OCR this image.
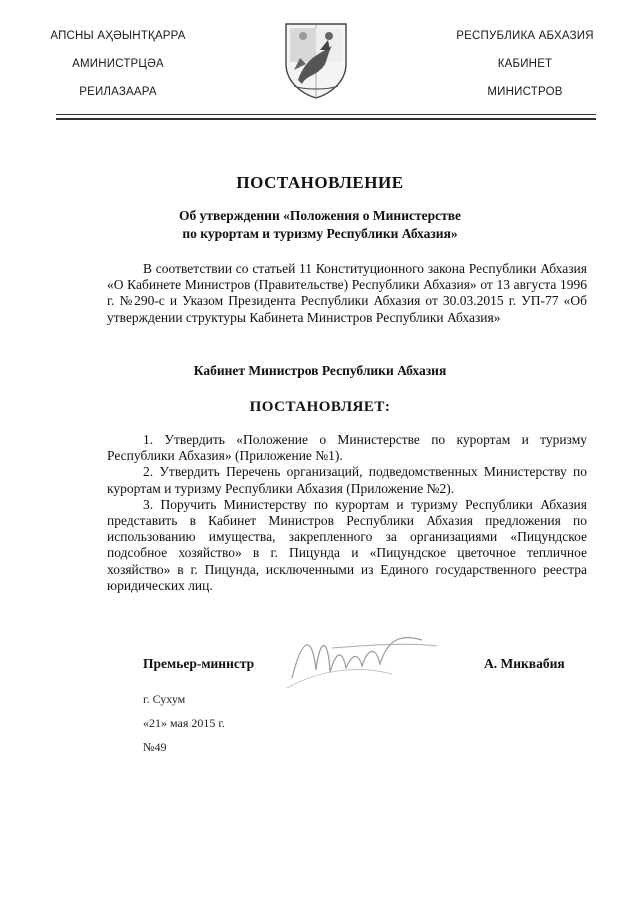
АПСНЫ АҲӘЫНТҚАРРА
АМИНИСТРЦӘА
РЕИЛАЗААРА
РЕСПУБЛИКА АБХАЗИЯ
КАБИНЕТ
МИНИСТРОВ
ПОСТАНОВЛЕНИЕ
Об утверждении «Положения о Министерстве
по курортам и туризму Республики Абхазия»
В соответствии со статьей 11 Конституционного закона Республики Абхазия «О Кабинете Министров (Правительстве) Республики Абхазия» от 13 августа 1996 г. №290-с и Указом Президента Республики Абхазия от 30.03.2015 г. УП-77 «Об утверждении структуры Кабинета Министров Республики Абхазия»
Кабинет Министров Республики Абхазия
ПОСТАНОВЛЯЕТ:

1. Утвердить «Положение о Министерстве по курортам и туризму Республики Абхазия» (Приложение №1).

2. Утвердить Перечень организаций, подведомственных Министерству по курортам и туризму Республики Абхазия (Приложение №2).

3. Поручить Министерству по курортам и туризму Республики Абхазия представить в Кабинет Министров Республики Абхазия предложения по использованию имущества, закрепленного за организациями «Пицундское подсобное хозяйство» в г. Пицунда и «Пицундское цветочное тепличное хозяйство» в г. Пицунда, исключенными из Единого государственного реестра юридических лиц.

Премьер-министр	А. Миквабия
г. Сухум
«21» мая 2015 г.
№49
